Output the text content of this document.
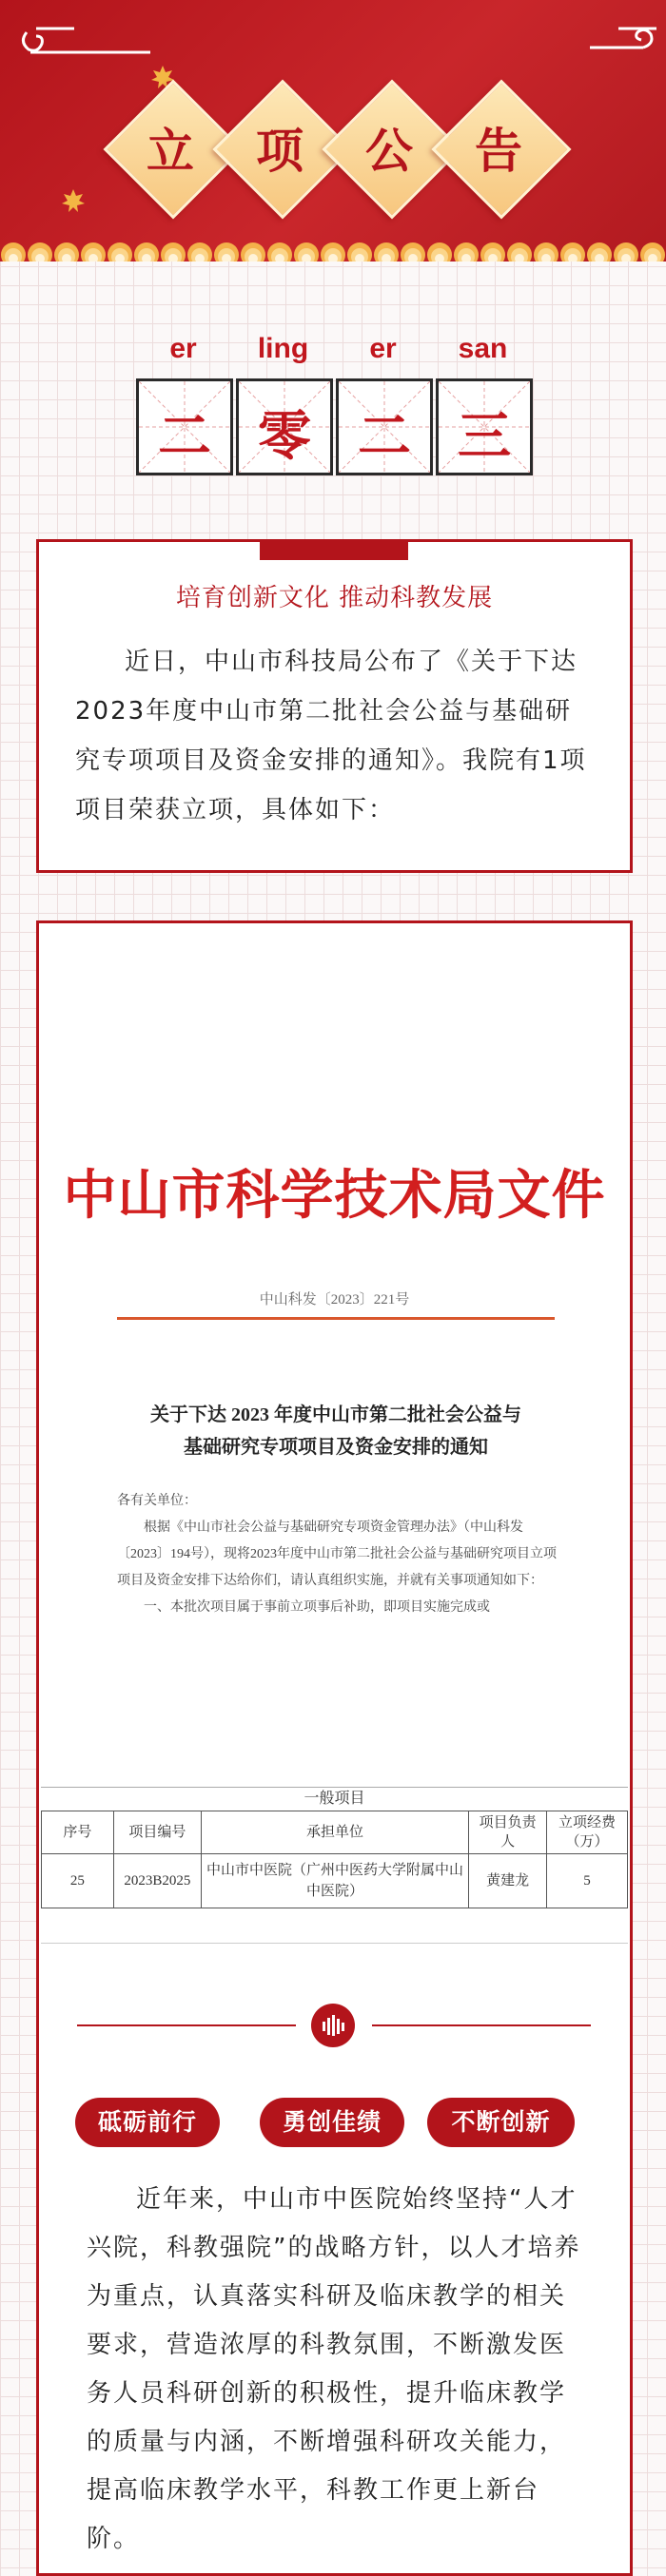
立	项	公	告
er	ling	er	san
二 零 二 三
培育创新文化 推动科教发展
近日，中山市科技局公布了《关于下达2023年度中山市第二批社会公益与基础研究专项项目及资金安排的通知》。我院有1项项目荣获立项，具体如下：
中山市科学技术局文件
中山科发〔2023〕221号
关于下达 2023 年度中山市第二批社会公益与
基础研究专项项目及资金安排的通知

各有关单位：

根据《中山市社会公益与基础研究专项资金管理办法》（中山科发〔2023〕194号），现将2023年度中山市第二批社会公益与基础研究项目立项项目及资金安排下达给你们，请认真组织实施，并就有关事项通知如下：

一、本批次项目属于事前立项事后补助，即项目实施完成或

一般项目
序号	项目编号	承担单位	项目负责人	立项经费（万）
25	2023B2025	中山市中医院（广州中医药大学附属中山中医院）	黄建龙	5
砥砺前行	勇创佳绩	不断创新
近年来，中山市中医院始终坚持“人才兴院，科教强院”的战略方针，以人才培养为重点，认真落实科研及临床教学的相关要求，营造浓厚的科教氛围，不断激发医务人员科研创新的积极性，提升临床教学的质量与内涵，不断增强科研攻关能力，提高临床教学水平，科教工作更上新台阶。
